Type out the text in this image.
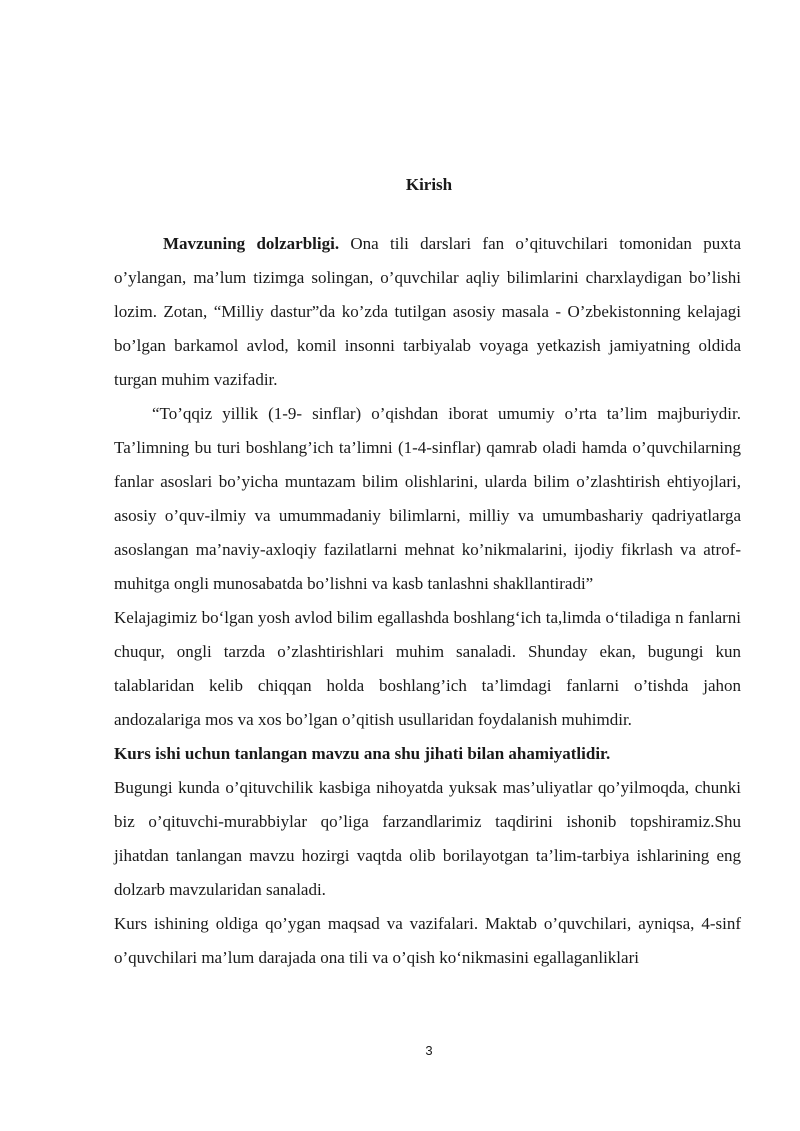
Kirish

Mavzuning dolzarbligi. Ona tili darslari fan o’qituvchilari tomonidan puxta o’ylangan, ma’lum tizimga solingan, o’quvchilar aqliy bilimlarini charxlaydigan bo’lishi lozim. Zotan, “Milliy dastur”da ko’zda tutilgan asosiy masala - O’zbekistonning kelajagi bo’lgan barkamol avlod, komil insonni tarbiyalab voyaga yetkazish jamiyatning oldida turgan muhim vazifadir.

“To’qqiz yillik (1-9- sinflar) o’qishdan iborat umumiy o’rta ta’lim majburiydir. Ta’limning bu turi boshlang’ich ta’limni (1-4-sinflar) qamrab oladi hamda o’quvchilarning fanlar asoslari bo’yicha muntazam bilim olishlarini, ularda bilim o’zlashtirish ehtiyojlari, asosiy o’quv-ilmiy va umummadaniy bilimlarni, milliy va umumbashariy qadriyatlarga asoslangan ma’naviy-axloqiy fazilatlarni mehnat ko’nikmalarini, ijodiy fikrlash va atrof-muhitga ongli munosabatda bo’lishni va kasb tanlashni shakllantiradi”

Kelajagimiz bo‘lgan yosh avlod bilim egallashda boshlang‘ich ta,limda o‘tiladiga n fanlarni chuqur, ongli tarzda o’zlashtirishlari muhim sanaladi. Shunday ekan, bugungi kun talablaridan kelib chiqqan holda boshlang’ich ta’limdagi fanlarni o’tishda jahon andozalariga mos va xos bo’lgan o’qitish usullaridan foydalanish muhimdir.

Kurs ishi uchun tanlangan mavzu ana shu jihati bilan ahamiyatlidir.

Bugungi kunda o’qituvchilik kasbiga nihoyatda yuksak mas’uliyatlar qo’yilmoqda, chunki biz o’qituvchi-murabbiylar qo’liga farzandlarimiz taqdirini ishonib topshiramiz.Shu jihatdan tanlangan mavzu hozirgi vaqtda olib borilayotgan ta’lim-tarbiya ishlarining eng dolzarb mavzularidan sanaladi.

Kurs ishining oldiga qo’ygan maqsad va vazifalari. Maktab o’quvchilari, ayniqsa, 4-sinf o’quvchilari ma’lum darajada ona tili va o’qish ko‘nikmasini egallaganliklari

3
